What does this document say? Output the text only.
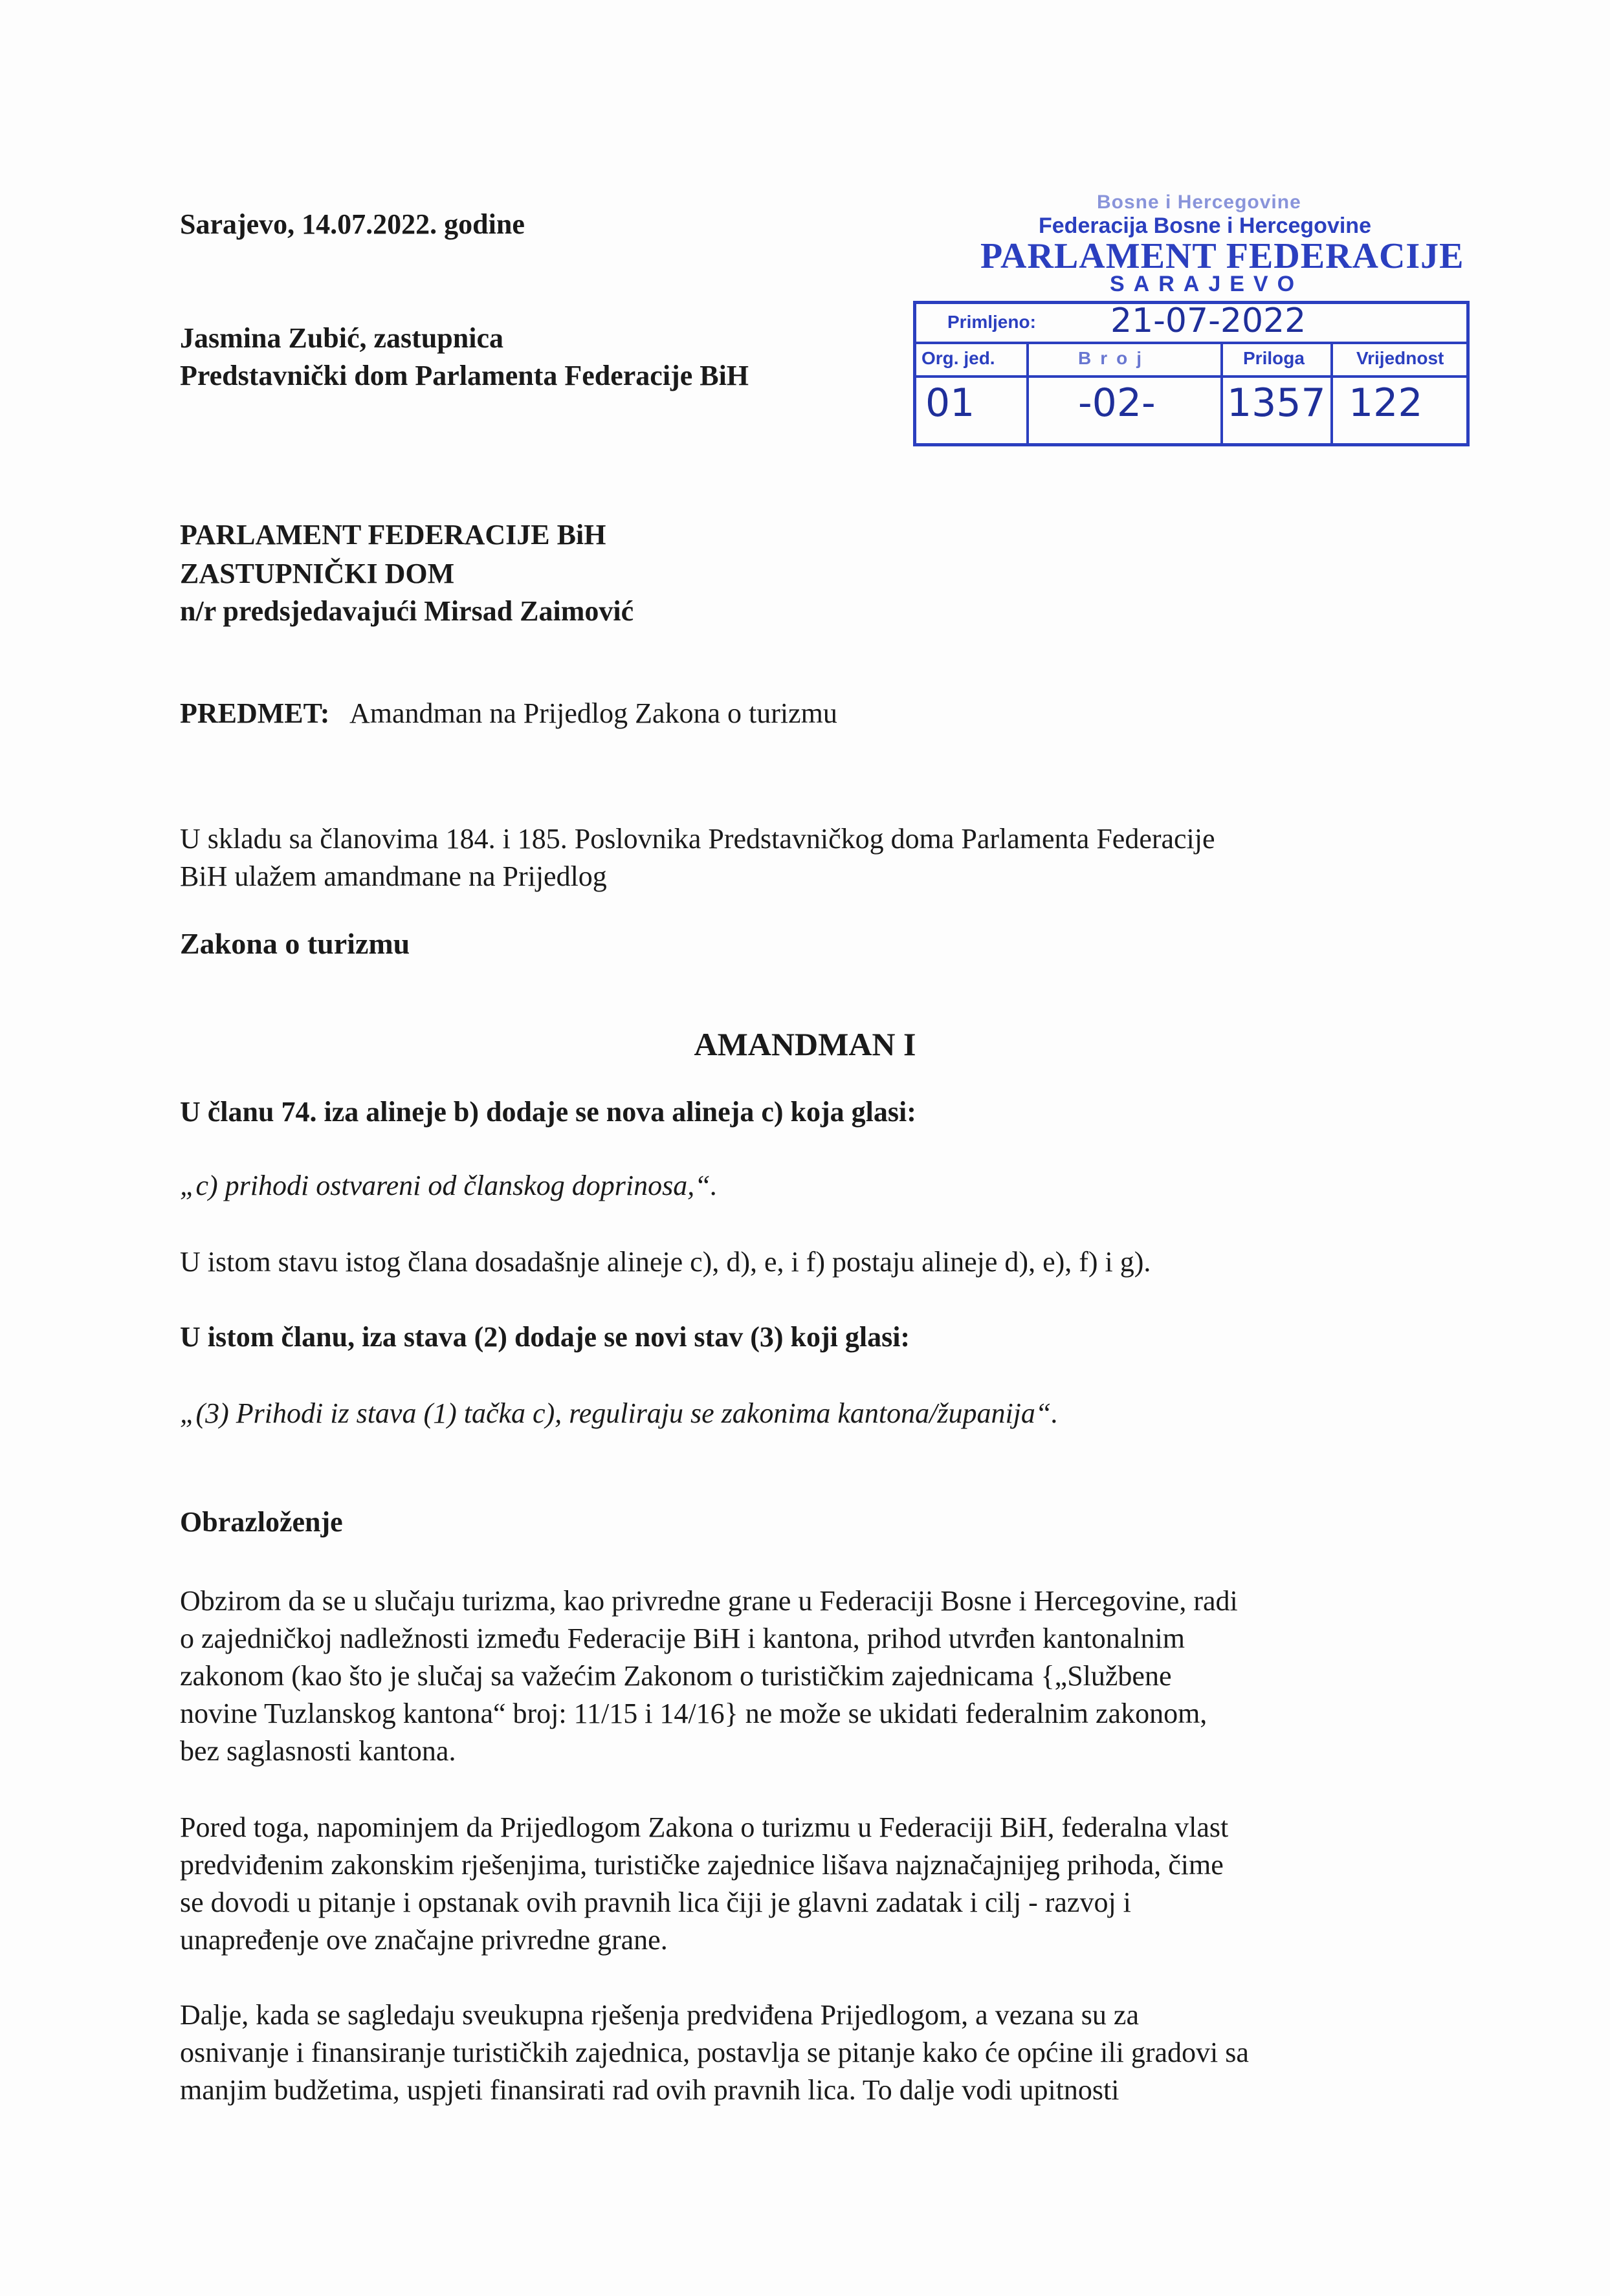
Sarajevo, 14.07.2022. godine
Jasmina Zubić, zastupnica
Predstavnički dom Parlamenta Federacije BiH
Bosne i Hercegovine
Federacija Bosne i Hercegovine
PARLAMENT FEDERACIJE
SARAJEVO
Primljeno: 21-07-2022
Org. jed.	Broj	Priloga	Vrijednost
01	-02- 1357 122
PARLAMENT FEDERACIJE BiH
ZASTUPNIČKI DOM
n/r predsjedavajući Mirsad Zaimović
PREDMET: Amandman na Prijedlog Zakona o turizmu
U skladu sa članovima 184. i 185. Poslovnika Predstavničkog doma Parlamenta Federacije
BiH ulažem amandmane na Prijedlog
Zakona o turizmu
AMANDMAN I
U članu 74. iza alineje b) dodaje se nova alineja c) koja glasi:
„c) prihodi ostvareni od članskog doprinosa,“.
U istom stavu istog člana dosadašnje alineje c), d), e, i f) postaju alineje d), e), f) i g).
U istom članu, iza stava (2) dodaje se novi stav (3) koji glasi:
„(3) Prihodi iz stava (1) tačka c), reguliraju se zakonima kantona/županija“.
Obrazloženje
Obzirom da se u slučaju turizma, kao privredne grane u Federaciji Bosne i Hercegovine, radi
o zajedničkoj nadležnosti između Federacije BiH i kantona, prihod utvrđen kantonalnim
zakonom (kao što je slučaj sa važećim Zakonom o turističkim zajednicama {„Službene
novine Tuzlanskog kantona“ broj: 11/15 i 14/16} ne može se ukidati federalnim zakonom,
bez saglasnosti kantona.
Pored toga, napominjem da Prijedlogom Zakona o turizmu u Federaciji BiH, federalna vlast
predviđenim zakonskim rješenjima, turističke zajednice lišava najznačajnijeg prihoda, čime
se dovodi u pitanje i opstanak ovih pravnih lica čiji je glavni zadatak i cilj - razvoj i
unapređenje ove značajne privredne grane.
Dalje, kada se sagledaju sveukupna rješenja predviđena Prijedlogom, a vezana su za
osnivanje i finansiranje turističkih zajednica, postavlja se pitanje kako će općine ili gradovi sa
manjim budžetima, uspjeti finansirati rad ovih pravnih lica. To dalje vodi upitnosti
